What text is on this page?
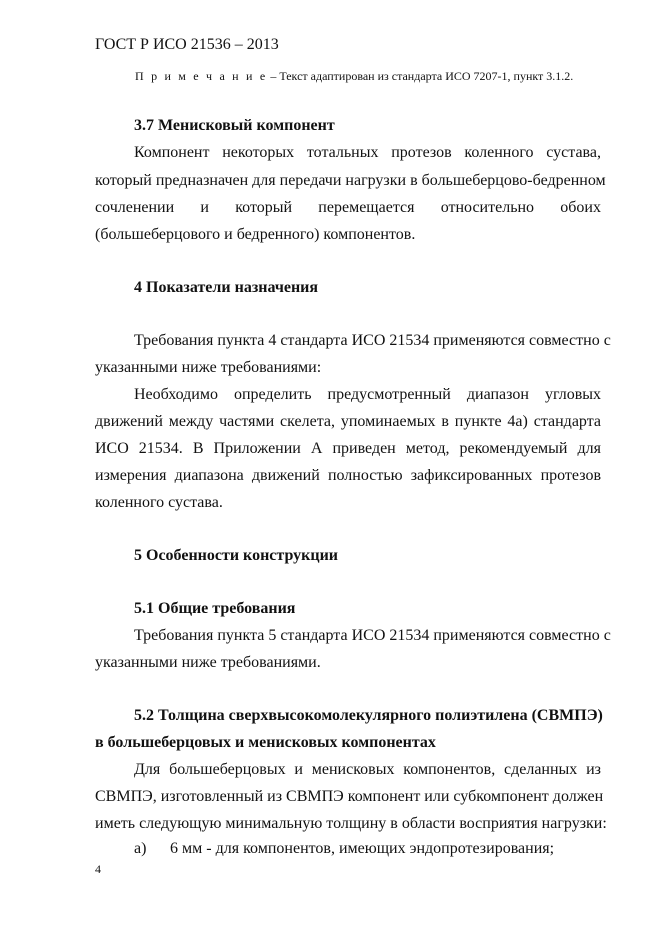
ГОСТ Р ИСО 21536 – 2013
П р и м е ч а н и е – Текст адаптирован из стандарта ИСО 7207-1, пункт 3.1.2.
3.7 Менисковый компонент
Компонент некоторых тотальных протезов коленного сустава,
который предназначен для передачи нагрузки в большеберцово-бедренном
сочленении и который перемещается относительно обоих
(большеберцового и бедренного) компонентов.
4 Показатели назначения
Требования пункта 4 стандарта ИСО 21534 применяются совместно с
указанными ниже требованиями:
Необходимо определить предусмотренный диапазон угловых
движений между частями скелета, упоминаемых в пункте 4а) стандарта
ИСО 21534. В Приложении А приведен метод, рекомендуемый для
измерения диапазона движений полностью зафиксированных протезов
коленного сустава.
5 Особенности конструкции
5.1 Общие требования
Требования пункта 5 стандарта ИСО 21534 применяются совместно с
указанными ниже требованиями.
5.2 Толщина сверхвысокомолекулярного полиэтилена (СВМПЭ)
в большеберцовых и менисковых компонентах
Для большеберцовых и менисковых компонентов, сделанных из
СВМПЭ, изготовленный из СВМПЭ компонент или субкомпонент должен
иметь следующую минимальную толщину в области восприятия нагрузки:
а) 6 мм - для компонентов, имеющих эндопротезирования;
4
